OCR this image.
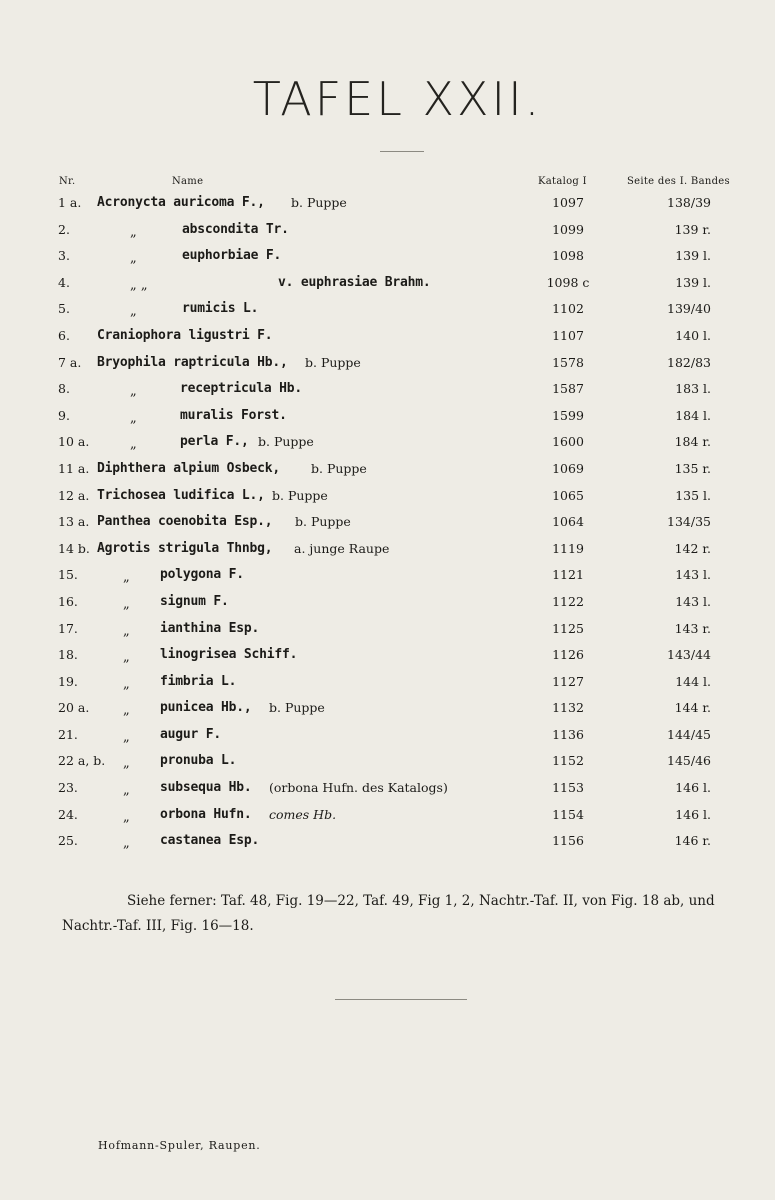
TAFEL XXII.
Nr.	Name	Katalog I	Seite des I. Bandes
1 a.	Acronycta auricoma F., b. Puppe	1097	138/39
2.	„	abscondita Tr.	1099	139 r.
3.	„	euphorbiae F.	1098	139 l.
4.	„ „	v. euphrasiae Brahm.	1098 c	139 l.
5.	„	rumicis L.	1102	139/40
6.	Craniophora ligustri F.	1107	140 l.
7 a.	Bryophila raptricula Hb., b. Puppe	1578	182/83
8.	„	receptricula Hb.	1587	183 l.
9.	„	muralis Forst.	1599	184 l.
10 a.	„	perla F., b. Puppe	1600	184 r.
11 a. Diphthera alpium Osbeck, b. Puppe	1069	135 r.
12 a. Trichosea ludifica L., b. Puppe	1065	135 l.
13 a. Panthea coenobita Esp., b. Puppe	1064	134/35
14 b. Agrotis strigula Thnbg, a. junge Raupe	1119	142 r.
15.	„ polygona F.	1121	143 l.
16.	„ signum F.	1122	143 l.
17.	„ ianthina Esp.	1125	143 r.
18.	„ linogrisea Schiff.	1126	143/44
19.	„ fimbria L.	1127	144 l.
20 a.	„ punicea Hb., b. Puppe	1132	144 r.
21.	„ augur F.	1136	144/45
22 a, b. „ pronuba L.	1152	145/46
23.	„ subsequa Hb. (orbona Hufn. des Katalogs)	1153	146 l.
24.	„ orbona Hufn. comes Hb.	1154	146 l.
25.	„ castanea Esp.	1156	146 r.
Siehe ferner: Taf. 48, Fig. 19—22, Taf. 49, Fig 1, 2, Nachtr.-Taf. II, von Fig. 18 ab, und Nachtr.-Taf. III, Fig. 16—18.
Hofmann-Spuler, Raupen.
